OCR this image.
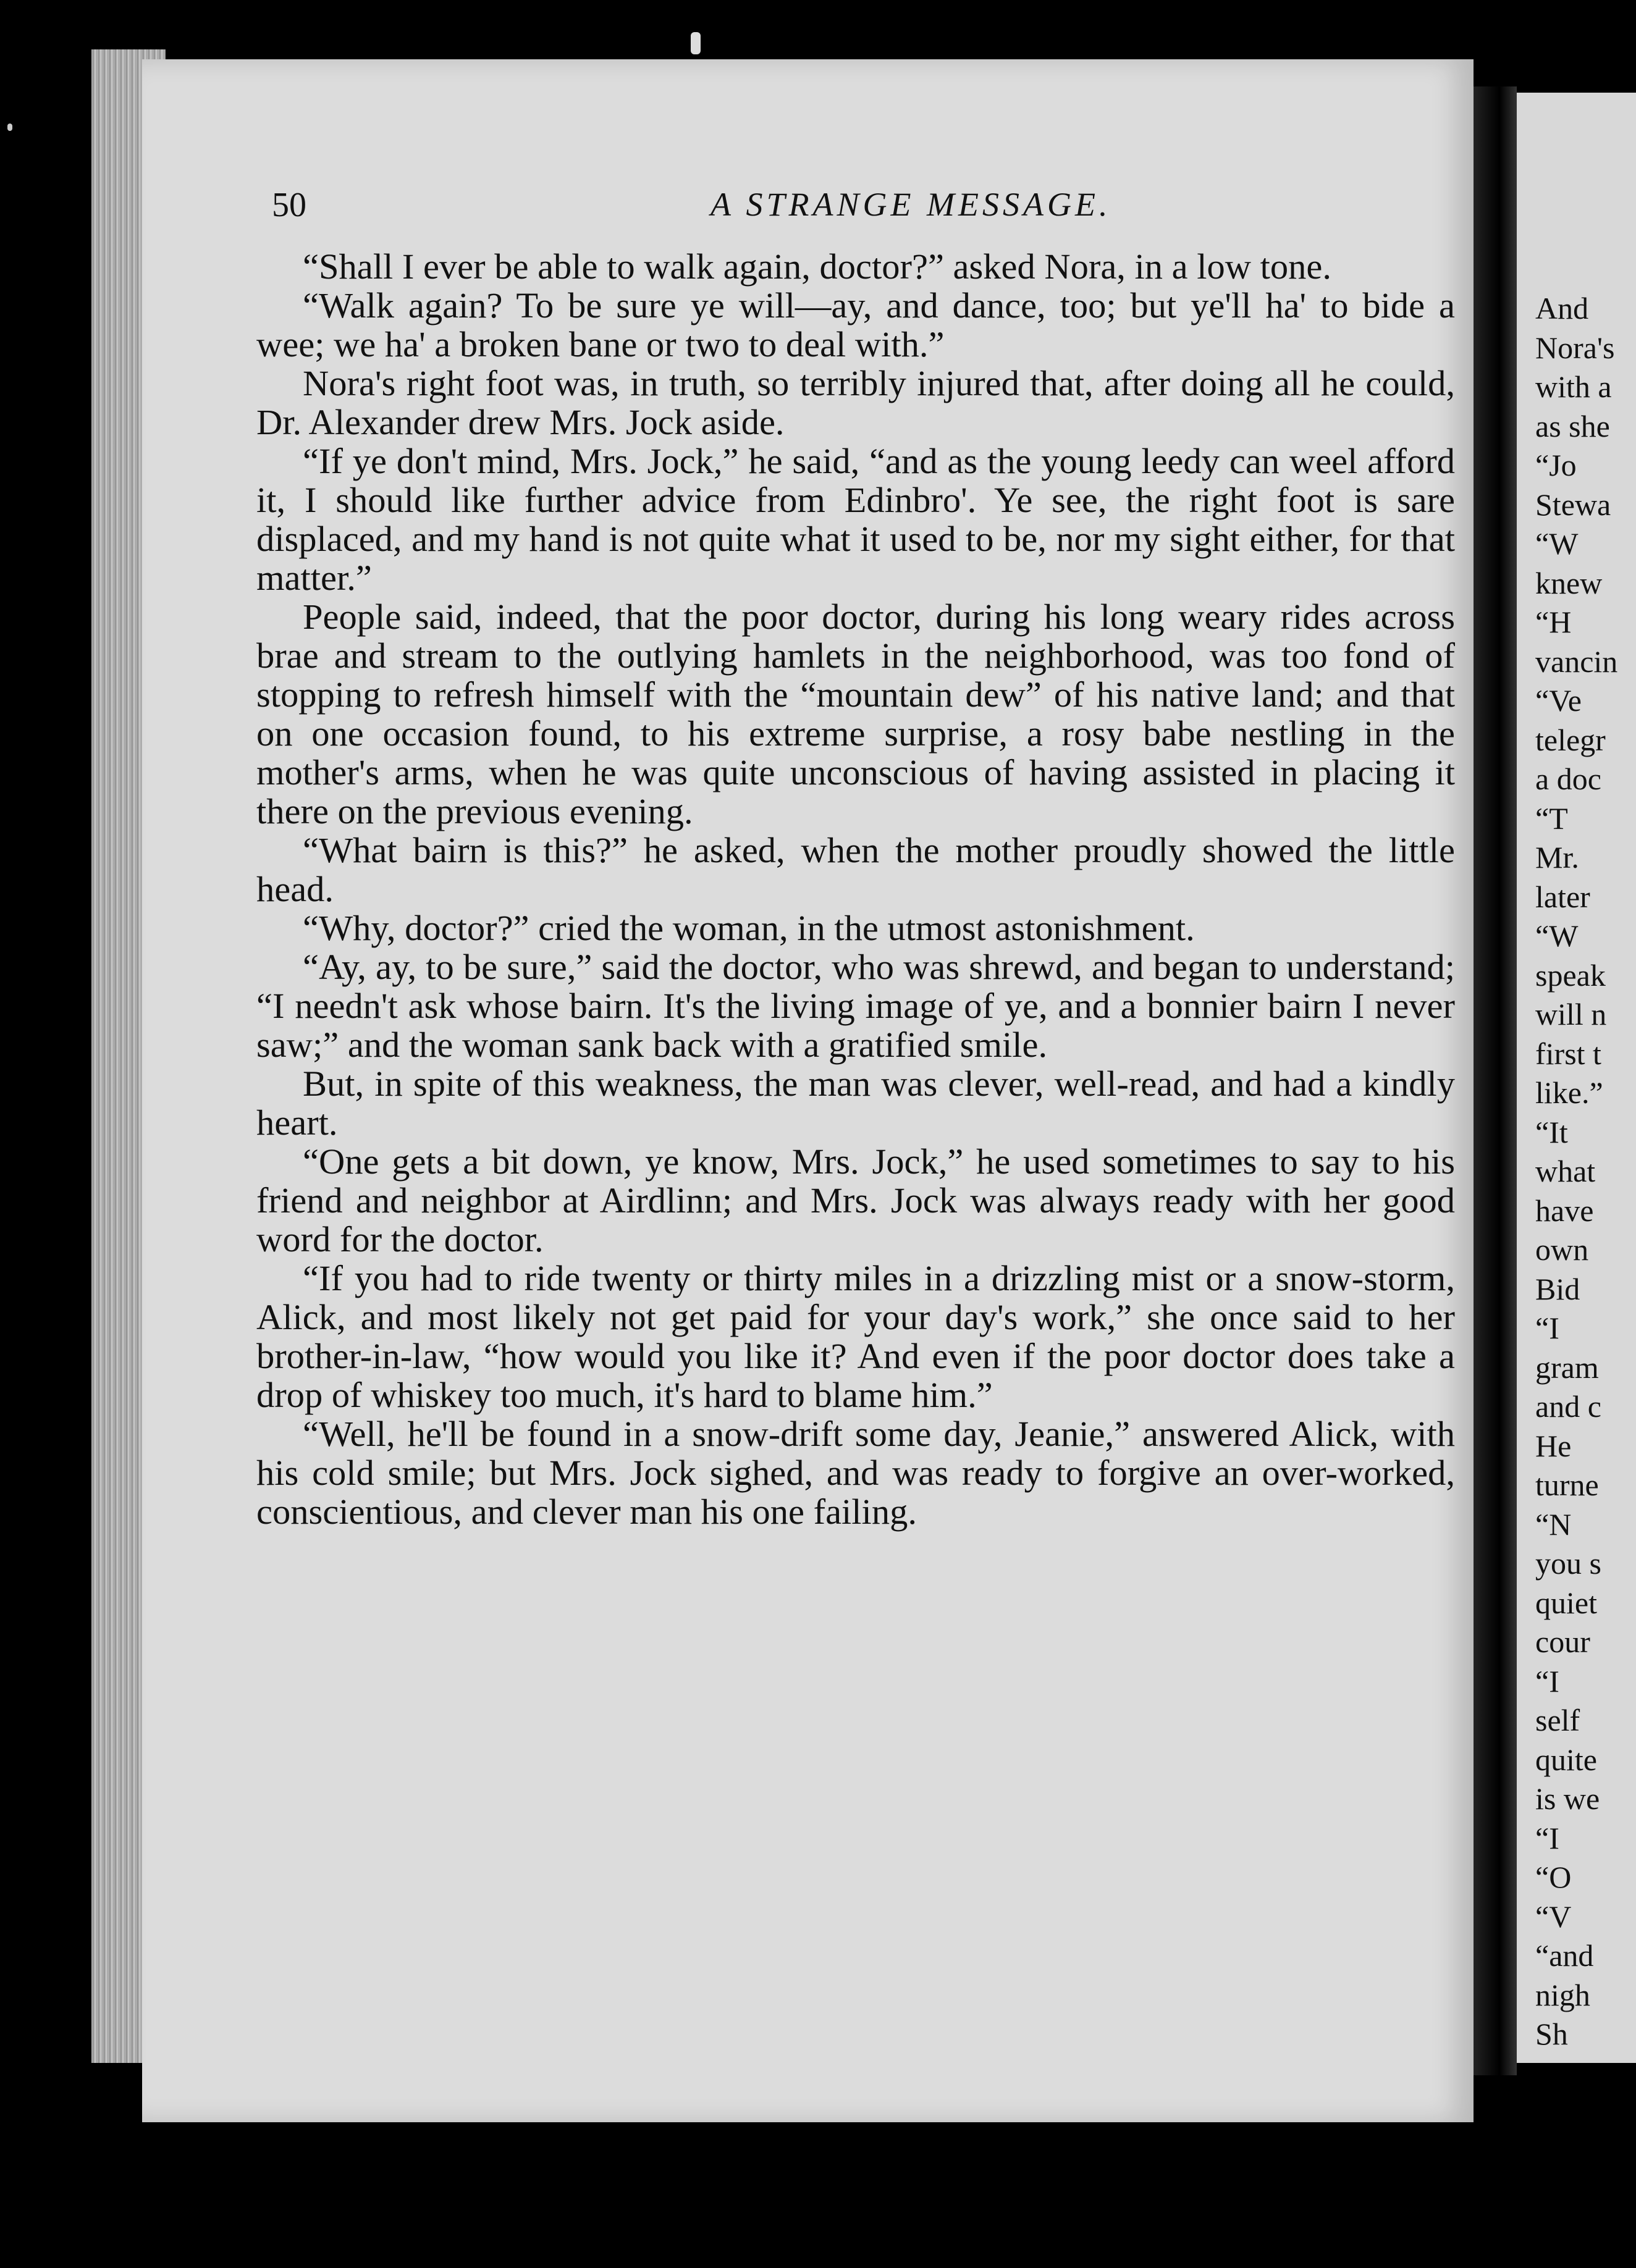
50	A STRANGE MESSAGE.

“Shall I ever be able to walk again, doctor?” asked Nora, in a low tone.

“Walk again? To be sure ye will—ay, and dance, too; but ye'll ha' to bide a wee; we ha' a broken bane or two to deal with.”

Nora's right foot was, in truth, so terribly injured that, after doing all he could, Dr. Alexander drew Mrs. Jock aside.

“If ye don't mind, Mrs. Jock,” he said, “and as the young leedy can weel afford it, I should like further advice from Edinbro'. Ye see, the right foot is sare displaced, and my hand is not quite what it used to be, nor my sight either, for that matter.”

People said, indeed, that the poor doctor, during his long weary rides across brae and stream to the outlying hamlets in the neighborhood, was too fond of stopping to refresh himself with the “mountain dew” of his native land; and that on one occasion found, to his extreme surprise, a rosy babe nestling in the mother's arms, when he was quite unconscious of having assisted in placing it there on the previous evening.

“What bairn is this?” he asked, when the mother proudly showed the little head.

“Why, doctor?” cried the woman, in the utmost astonishment.

“Ay, ay, to be sure,” said the doctor, who was shrewd, and began to understand; “I needn't ask whose bairn. It's the living image of ye, and a bonnier bairn I never saw;” and the woman sank back with a gratified smile.

But, in spite of this weakness, the man was clever, well-read, and had a kindly heart.

“One gets a bit down, ye know, Mrs. Jock,” he used sometimes to say to his friend and neighbor at Airdlinn; and Mrs. Jock was always ready with her good word for the doctor.

“If you had to ride twenty or thirty miles in a drizzling mist or a snow-storm, Alick, and most likely not get paid for your day's work,” she once said to her brother-in-law, “how would you like it? And even if the poor doctor does take a drop of whiskey too much, it's hard to blame him.”

“Well, he'll be found in a snow-drift some day, Jeanie,” answered Alick, with his cold smile; but Mrs. Jock sighed, and was ready to forgive an over-worked, conscientious, and clever man his one failing.

And
Nora's
with a
as she
“Jo
Stewa
“W
knew
“H
vancin
“Ve
telegr
a doc
“T
Mr.
later
“W
speak
will n
first t
like.”
“It
what
have
own
Bid
“I
gram
and c
He
turne
“N
you s
quiet
cour
“I
self
quite
is we
“I
“O
“V
“and
nigh
Sh
